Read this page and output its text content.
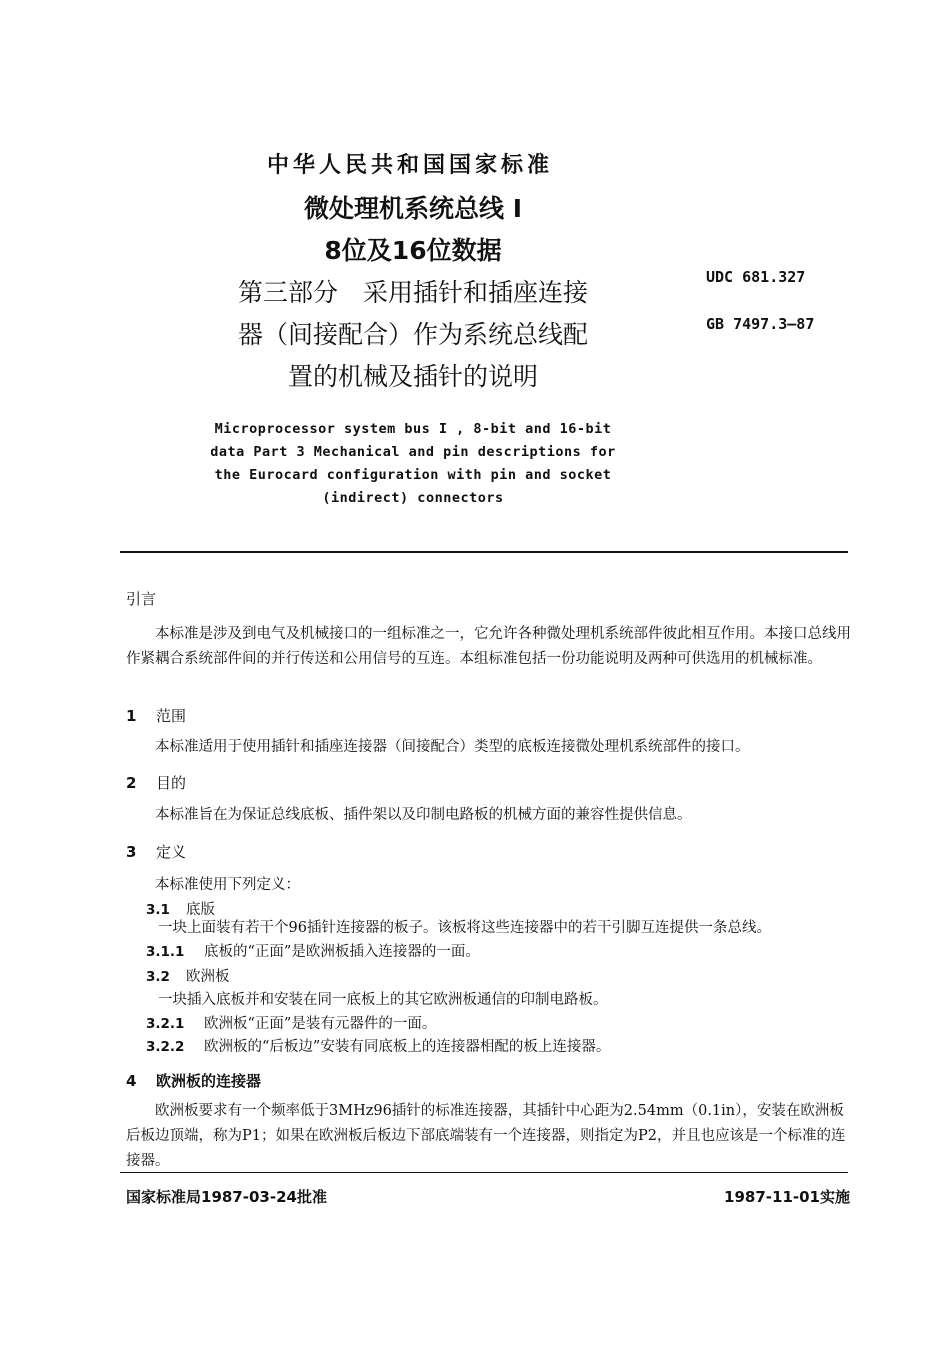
中华人民共和国国家标准
微处理机系统总线 I
8位及16位数据
第三部分　采用插针和插座连接
器（间接配合）作为系统总线配
置的机械及插针的说明
UDC 681.327
GB 7497.3—87
Microprocessor system bus I , 8-bit and 16-bit
data Part 3 Mechanical and pin descriptions for
the Eurocard configuration with pin and socket
(indirect) connectors
引言
本标准是涉及到电气及机械接口的一组标准之一，它允许各种微处理机系统部件彼此相互作用。本接口总线用作紧耦合系统部件间的并行传送和公用信号的互连。本组标准包括一份功能说明及两种可供选用的机械标准。
1 范围
本标准适用于使用插针和插座连接器（间接配合）类型的底板连接微处理机系统部件的接口。
2 目的
本标准旨在为保证总线底板、插件架以及印制电路板的机械方面的兼容性提供信息。
3 定义
本标准使用下列定义：
3.1 底版
一块上面装有若干个96插针连接器的板子。该板将这些连接器中的若干引脚互连提供一条总线。
3.1.1 底板的“正面”是欧洲板插入连接器的一面。
3.2 欧洲板
一块插入底板并和安装在同一底板上的其它欧洲板通信的印制电路板。
3.2.1 欧洲板“正面”是装有元器件的一面。
3.2.2 欧洲板的“后板边”安装有同底板上的连接器相配的板上连接器。
4 欧洲板的连接器
欧洲板要求有一个频率低于3MHz96插针的标准连接器，其插针中心距为2.54mm（0.1in），安装在欧洲板后板边顶端，称为P1；如果在欧洲板后板边下部底端装有一个连接器，则指定为P2，并且也应该是一个标准的连接器。
国家标准局1987-03-24批准	1987-11-01实施
